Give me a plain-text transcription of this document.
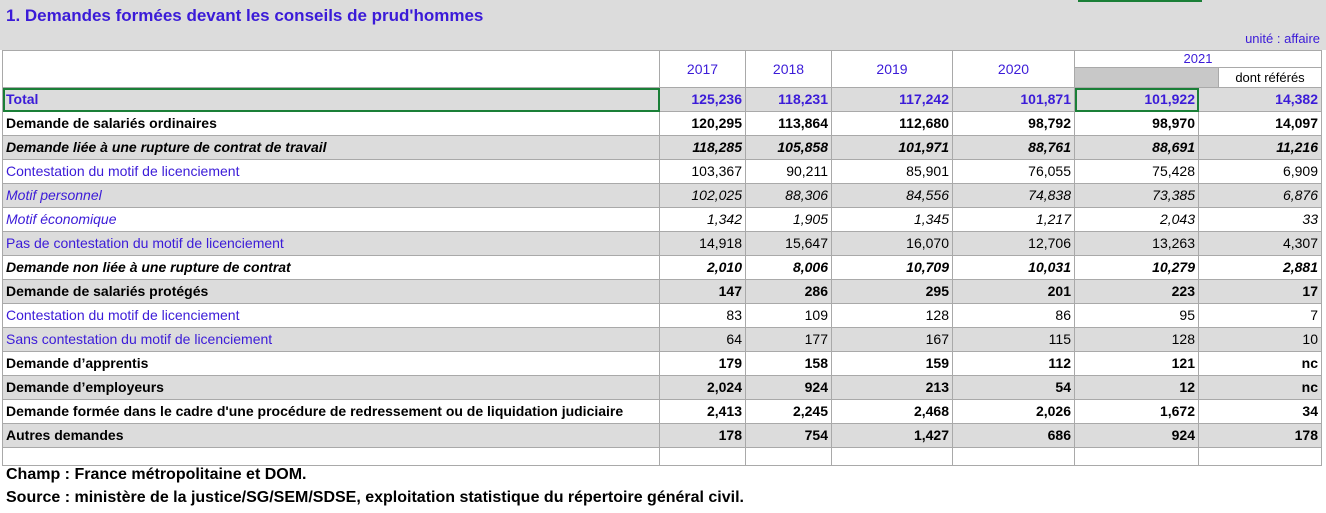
1. Demandes formées devant les conseils de prud'hommes
unité : affaire
	2017	2018	2019	2020	2021
dont référés	

Total	125,236	118,231	117,242	101,871	101,922	14,382
Demande de salariés ordinaires	120,295	113,864	112,680	98,792	98,970	14,097
Demande liée à une rupture de contrat de travail	118,285	105,858	101,971	88,761	88,691	11,216
Contestation du motif de licenciement	103,367	90,211	85,901	76,055	75,428	6,909
Motif personnel	102,025	88,306	84,556	74,838	73,385	6,876
Motif économique	1,342	1,905	1,345	1,217	2,043	33
Pas de contestation du motif de licenciement	14,918	15,647	16,070	12,706	13,263	4,307
Demande non liée à une rupture de contrat	2,010	8,006	10,709	10,031	10,279	2,881
Demande de salariés protégés	147	286	295	201	223	17
Contestation du motif de licenciement	83	109	128	86	95	7
Sans contestation du motif de licenciement	64	177	167	115	128	10
Demande d’apprentis	179	158	159	112	121	nc
Demande d’employeurs	2,024	924	213	54	12	nc
Demande formée dans le cadre d'une procédure de redressement ou de liquidation judiciaire	2,413	2,245	2,468	2,026	1,672	34
Autres demandes	178	754	1,427	686	924	178

Champ : France métropolitaine et DOM.
Source : ministère de la justice/SG/SEM/SDSE, exploitation statistique du répertoire général civil.
